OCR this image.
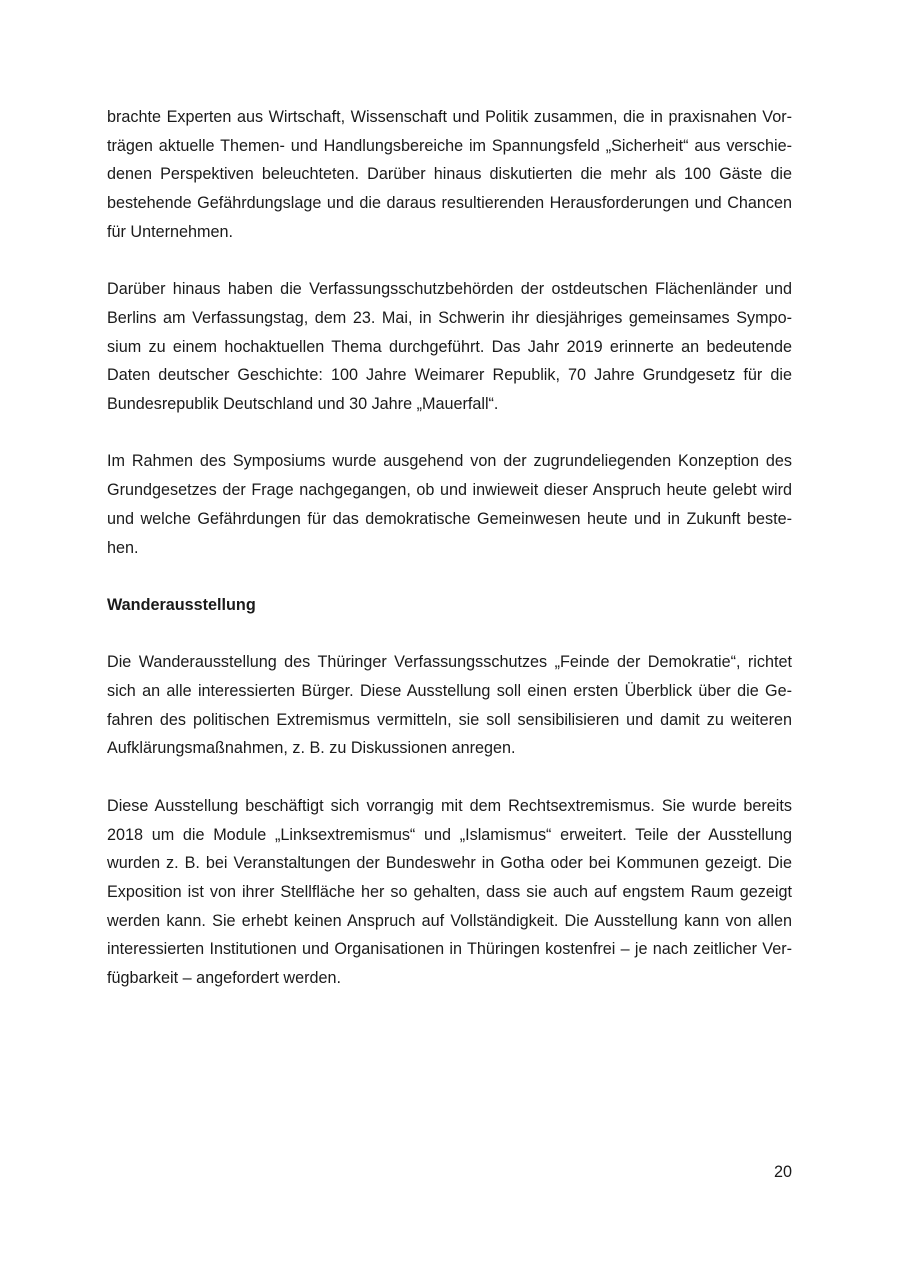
brachte Experten aus Wirtschaft, Wissenschaft und Politik zusammen, die in praxisnahen Vorträgen aktuelle Themen- und Handlungsbereiche im Spannungsfeld „Sicherheit“ aus verschiedenen Perspektiven beleuchteten. Darüber hinaus diskutierten die mehr als 100 Gäste die bestehende Gefährdungslage und die daraus resultierenden Herausforderungen und Chancen für Unternehmen.

Darüber hinaus haben die Verfassungsschutzbehörden der ostdeutschen Flächenländer und Berlins am Verfassungstag, dem 23. Mai, in Schwerin ihr diesjähriges gemeinsames Symposium zu einem hochaktuellen Thema durchgeführt. Das Jahr 2019 erinnerte an bedeutende Daten deutscher Geschichte: 100 Jahre Weimarer Republik, 70 Jahre Grundgesetz für die Bundesrepublik Deutschland und 30 Jahre „Mauerfall“.

Im Rahmen des Symposiums wurde ausgehend von der zugrundeliegenden Konzeption des Grundgesetzes der Frage nachgegangen, ob und inwieweit dieser Anspruch heute gelebt wird und welche Gefährdungen für das demokratische Gemeinwesen heute und in Zukunft bestehen.

Wanderausstellung

Die Wanderausstellung des Thüringer Verfassungsschutzes „Feinde der Demokratie“, richtet sich an alle interessierten Bürger. Diese Ausstellung soll einen ersten Überblick über die Gefahren des politischen Extremismus vermitteln, sie soll sensibilisieren und damit zu weiteren Aufklärungsmaßnahmen, z. B. zu Diskussionen anregen.

Diese Ausstellung beschäftigt sich vorrangig mit dem Rechtsextremismus. Sie wurde bereits 2018 um die Module „Linksextremismus“ und „Islamismus“ erweitert. Teile der Ausstellung wurden z. B. bei Veranstaltungen der Bundeswehr in Gotha oder bei Kommunen gezeigt. Die Exposition ist von ihrer Stellfläche her so gehalten, dass sie auch auf engstem Raum gezeigt werden kann. Sie erhebt keinen Anspruch auf Vollständigkeit. Die Ausstellung kann von allen interessierten Institutionen und Organisationen in Thüringen kostenfrei – je nach zeitlicher Verfügbarkeit – angefordert werden.

20
